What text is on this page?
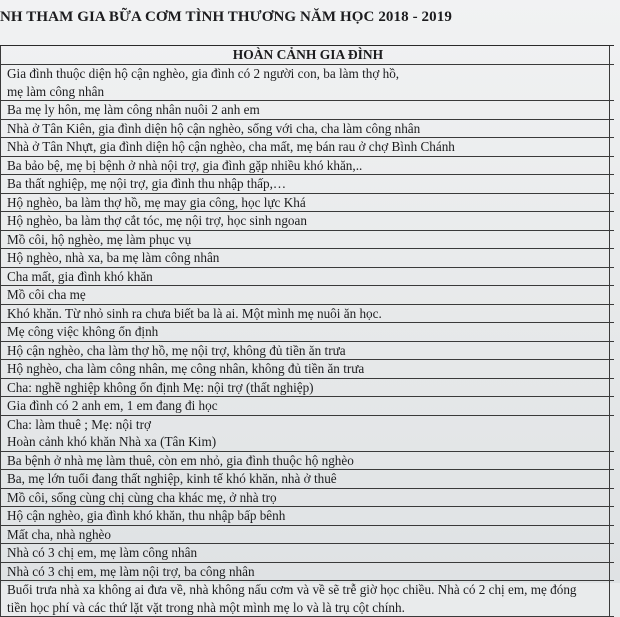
NH THAM GIA BỮA CƠM TÌNH THƯƠNG NĂM HỌC 2018 - 2019
HOÀN CẢNH GIA ĐÌNH
Gia đình thuộc diện hộ cận nghèo, gia đình có 2 người con, ba làm thợ hồ,
mẹ làm công nhân
Ba mẹ ly hôn, mẹ làm công nhân nuôi 2 anh em
Nhà ở Tân Kiên, gia đình diện hộ cận nghèo, sống với cha, cha làm công nhân
Nhà ở Tân Nhựt, gia đình diện hộ cận nghèo, cha mất, mẹ bán rau ở chợ Bình Chánh
Ba bảo bệ, mẹ bị bệnh ở nhà nội trợ, gia đình gặp nhiều khó khăn,..
Ba thất nghiệp, mẹ nội trợ, gia đình thu nhập thấp,…
Hộ nghèo, ba làm thợ hồ, mẹ may gia công, học lực Khá
Hộ nghèo, ba làm thợ cắt tóc, mẹ nội trợ, học sinh ngoan
Mồ côi, hộ nghèo, mẹ làm phục vụ
Hộ nghèo, nhà xa, ba mẹ làm công nhân
Cha mất, gia đình khó khăn
Mồ côi cha mẹ
Khó khăn. Từ nhỏ sinh ra chưa biết ba là ai. Một mình mẹ nuôi ăn học.
Mẹ công việc không ổn định
Hộ cận nghèo, cha làm thợ hồ, mẹ nội trợ, không đủ tiền ăn trưa
Hộ nghèo, cha làm công nhân, mẹ công nhân, không đủ tiền ăn trưa
Cha: nghề nghiệp không ổn định Mẹ: nội trợ (thất nghiệp)
Gia đình có 2 anh em, 1 em đang đi học
Cha: làm thuê ; Mẹ: nội trợ
Hoàn cảnh khó khăn Nhà xa (Tân Kim)
Ba bệnh ở nhà mẹ làm thuê, còn em nhỏ, gia đình thuộc hộ nghèo
Ba, mẹ lớn tuổi đang thất nghiệp, kinh tế khó khăn, nhà ở thuê
Mồ côi, sống cùng chị cùng cha khác mẹ, ở nhà trọ
Hộ cận nghèo, gia đình khó khăn, thu nhập bấp bênh
Mất cha, nhà nghèo
Nhà có 3 chị em, mẹ làm công nhân
Nhà có 3 chị em, mẹ làm nội trợ, ba công nhân
Buổi trưa nhà xa không ai đưa về, nhà không nấu cơm và về sẽ trễ giờ học chiều. Nhà có 2 chị em, mẹ đóng
tiền học phí và các thứ lặt vặt trong nhà một mình mẹ lo và là trụ cột chính.
